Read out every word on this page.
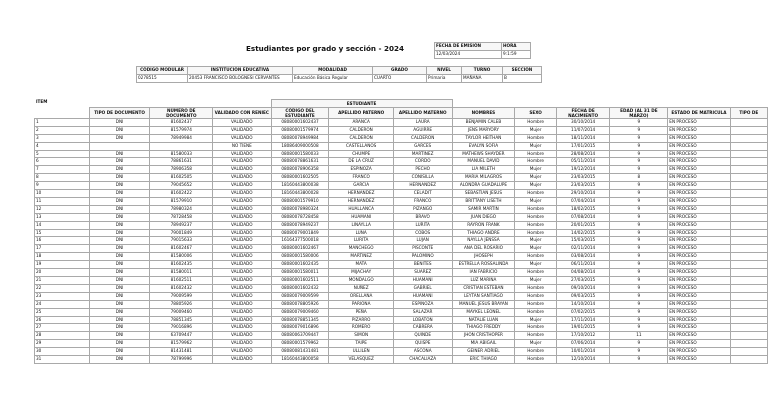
Estudiantes por grado y sección - 2024	FECHA DE EMISIÓN	HORA
12/03/2024	9:1:59
CÓDIGO MODULAR	INSTITUCIÓN EDUCATIVA	MODALIDAD	GRADO	NIVEL	TURNO	SECCIÓN
0278515	20453 FRANCISCO BOLOGNESI CERVANTES	Educación Básica Regular	CUARTO	Primaria	MAÑANA	B
				ESTUDIANTE								
	TIPO DE DOCUMENTO	NÚMERO DE DOCUMENTO	VALIDADO CON RENIEC	CÓDIGO DEL ESTUDIANTE	APELLIDO PATERNO	APELLIDO MATERNO	NOMBRES	SEXO	FECHA DE NACIMIENTO	EDAD (AL 31 DE MARZO)	ESTADO DE MATRICULA	TIPO DE
1	DNI	81602437	VALIDADO	08080001602437	ARANCA	LAURA	BENJAMIN CALEB	Hombre	30/10/2014	9	EN PROCESO	
2	DNI	81579974	VALIDADO	08080001579974	CALDERON	AGUIRRE	JENS MARYORY	Mujer	11/07/2014	9	EN PROCESO	
3	DNI	78949984	VALIDADO	08080078949984	CALDERON	CALDERON	TAYLOR HEITHAN	Hombre	18/11/2014	9	EN PROCESO	
4			NO TIENE	18086409000508	CASTELLANOS	GARCES	EVALYN SOFIA	Mujer	17/01/2015	9	EN PROCESO	
5	DNI	81580033	VALIDADO	08080001580033	CHUMPE	MARTINEZ	MATHEWS SHAYDER	Hombre	28/08/2014	9	EN PROCESO	
6	DNI	78861631	VALIDADO	08080078861631	DE LA CRUZ	CORDO	MANUEL DAVID	Hombre	05/11/2014	9	EN PROCESO	
7	DNI	78906358	VALIDADO	08080078906358	ESPINOZA	PECHO	LIA MILETH	Mujer	19/12/2014	9	EN PROCESO	
8	DNI	81602505	VALIDADO	08080001602505	FRANCO	CONISILLA	MARIA MILAGROS	Mujer	23/03/2015	8	EN PROCESO	
9	DNI	79045652	VALIDADO	18160443800038	GARCIA	HERNANDEZ	ALONDRA GUADALUPE	Mujer	23/03/2015	9	EN PROCESO	
10	DNI	81602422	VALIDADO	18160443800028	HERNANDEZ	CELADIT	SEBASTIAN JESUS	Hombre	29/10/2014	9	EN PROCESO	
11	DNI	81579910	VALIDADO	08080001579910	HERNANDEZ	FRANCO	BRITTANY LISETH	Mujer	07/04/2014	9	EN PROCESO	
12	DNI	78980324	VALIDADO	08080078980324	HUALLANCA	PIZANGO	SAMIR MARTIN	Hombre	18/02/2015	9	EN PROCESO	
13	DNI	78728458	VALIDADO	08080078728458	HUAMANI	BRAVO	JUAN DIEGO	Hombre	07/08/2014	9	EN PROCESO	
14	DNI	78949237	VALIDADO	08080078949237	LINAYLLA	LURITA	RAYRON FRANK	Hombre	20/01/2015	9	EN PROCESO	
15	DNI	79001849	VALIDADO	08080079001849	LUNA	COBOS	THIAGO ANDRE	Hombre	14/02/2015	9	EN PROCESO	
16	DNI	79015633	VALIDADO	16164377500018	LURITA	LUJAN	NAYLLA JENSSA	Mujer	15/03/2015	9	EN PROCESO	
17	DNI	81602467	VALIDADO	08080001602467	MANCHEGO	PISCONTE	ANA DEL ROSARIO	Mujer	02/11/2014	9	EN PROCESO	
18	DNI	81580006	VALIDADO	08080001580006	MARTINEZ	PALOMINO	JHOSEPH	Hombre	03/08/2014	9	EN PROCESO	
19	DNI	81602435	VALIDADO	08080001602435	MATA	BENITES	ESTRELLA ROSSALINDA	Mujer	06/11/2014	9	EN PROCESO	
20	DNI	81580011	VALIDADO	08080001580011	MIJACHAY	SUAREZ	IAN FABRICIO	Hombre	04/08/2014	9	EN PROCESO	
21	DNI	81602511	VALIDADO	08080001602511	MONDALGO	HUAMANI	LUZ MARINA	Mujer	27/03/2015	9	EN PROCESO	
22	DNI	81602432	VALIDADO	08080001602432	NUÑEZ	GABRIEL	CRISTIAN ESTEBAN	Hombre	09/10/2014	9	EN PROCESO	
23	DNI	79009599	VALIDADO	08080079009599	ORELLANA	HUAMANI	LEYTAN SANTIAGO	Hombre	09/03/2015	9	EN PROCESO	
24	DNI	78805926	VALIDADO	08080078805926	PARIONA	ESPINOZA	MANUEL JESUS BRAYAN	Hombre	14/10/2014	9	EN PROCESO	
25	DNI	79009460	VALIDADO	08080079009460	PEÑA	SALAZAR	MAYKEL LEONEL	Hombre	07/02/2015	9	EN PROCESO	
26	DNI	78851345	VALIDADO	08080078851345	PIZARRO	LOBATON	NATALIE LUAN	Mujer	17/11/2014	9	EN PROCESO	
27	DNI	79016896	VALIDADO	08080079016896	ROMERO	CABRERA	THIAGO FREDDY	Hombre	19/01/2015	9	EN PROCESO	
28	DNI	63709447	VALIDADO	08080063709447	SIMON	QUINDE	JHON CRISTHOPER	Hombre	17/10/2012	11	EN PROCESO	
29	DNI	81579962	VALIDADO	08080001579962	TAIPE	QUISPE	MIA ABIGAIL	Mujer	07/06/2014	9	EN PROCESO	
30	DNI	81431481	VALIDADO	08080081431481	ULLILEN	ASCONA	GEINER ADRIEL	Hombre	10/01/2014	9	EN PROCESO	
31	DNI	78799996	VALIDADO	18160443800058	VELASQUEZ	CHACALIAZA	ERIC THIAGO	Hombre	12/10/2014	9	EN PROCESO	
ITEM
